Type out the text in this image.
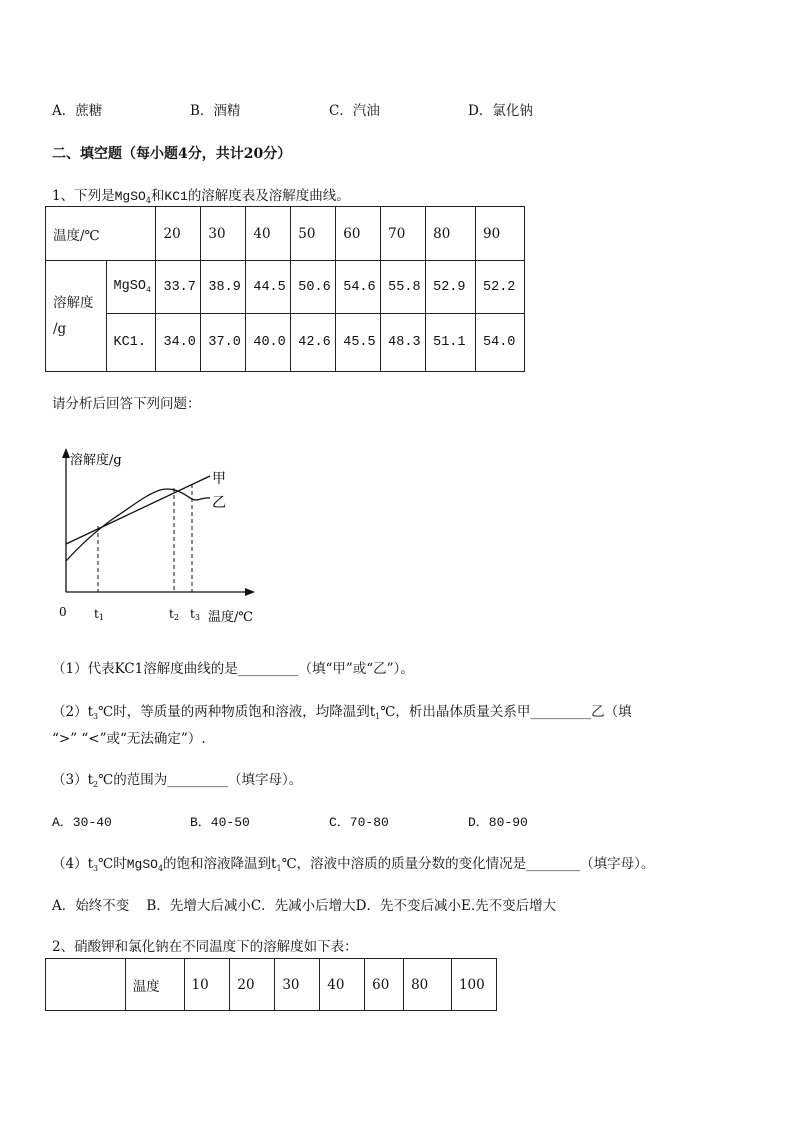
A．蔗糖	B．酒精	C．汽油	D．氯化钠
二、填空题（每小题4分，共计20分）
1、下列是MgSO$_4$和KC1的溶解度表及溶解度曲线。
温度/℃		20	30	40	50	60	70	80	90

溶解度
/g	MgSO$_4$	33.7	38.9	44.5	50.6	54.6	55.8	52.9	52.2
	KC1.	34.0	37.0	40.0	42.6	45.5	48.3	51.1	54.0
请分析后回答下列问题：
溶解度/g
温度/℃
0 t1	t2 t3
甲
乙
（1）代表KC1溶解度曲线的是_________（填“甲”或“乙”）。
$(2)t_3℃$时，等质量的两种物质饱和溶液，均降温到$t_1℃$，析出晶体质量关系甲_________乙（填
“>” “<”或“无法确定”）.
$(3)t_2℃$的范围为_________（填字母）。
A．30-40	B．40-50	C．70-80	D．80-90
$(4)t_3℃$时MgSO$_4$的饱和溶液降温到$t_1℃$，溶液中溶质的质量分数的变化情况是________（填字母）。
A．始终不变    B．先增大后减小C．先减小后增大D．先不变后减小E.先不变后增大
2、硝酸钾和氯化钠在不同温度下的溶解度如下表：
	温度	10	20	30	40	60	80	100
